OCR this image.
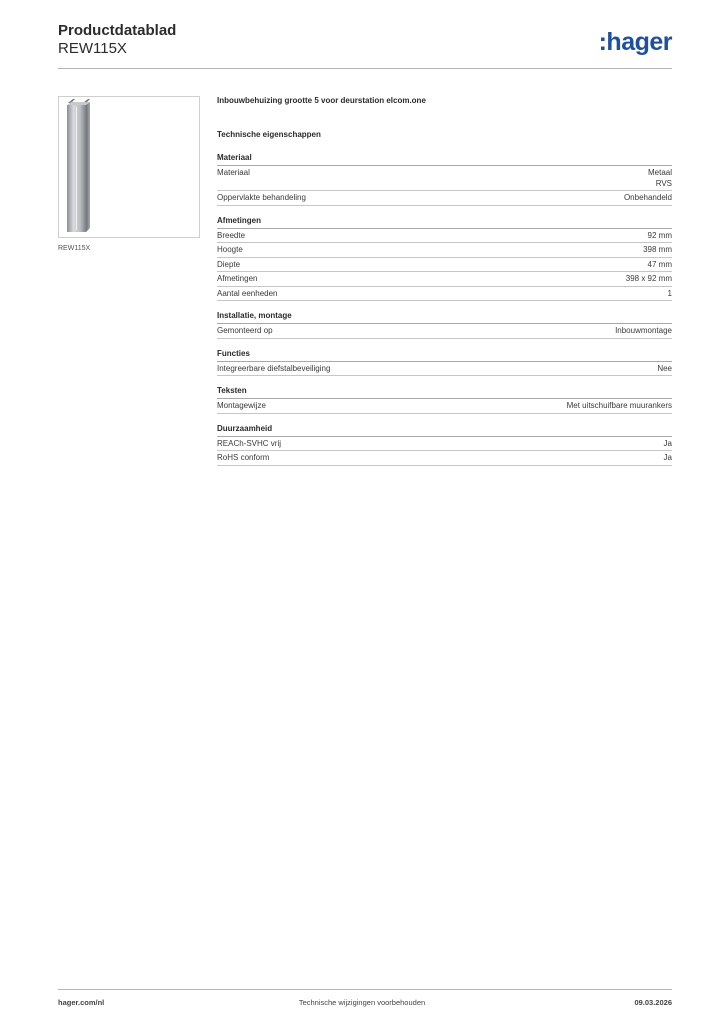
Productdatablad
REW115X	:hager
REW115X
Inbouwbehuizing grootte 5 voor deurstation elcom.one
Technische eigenschappen
Materiaal
Materiaal	Metaal
RVS
Oppervlakte behandeling	Onbehandeld
Afmetingen
Breedte	92 mm
Hoogte	398 mm
Diepte	47 mm
Afmetingen	398 x 92 mm
Aantal eenheden	1
Installatie, montage
Gemonteerd op	Inbouwmontage
Functies
Integreerbare diefstalbeveiliging	Nee
Teksten
Montagewijze	Met uitschuifbare muurankers
Duurzaamheid
REACh-SVHC vrij	Ja
RoHS conform	Ja
hager.com/nl	Technische wijzigingen voorbehouden	09.03.2026
